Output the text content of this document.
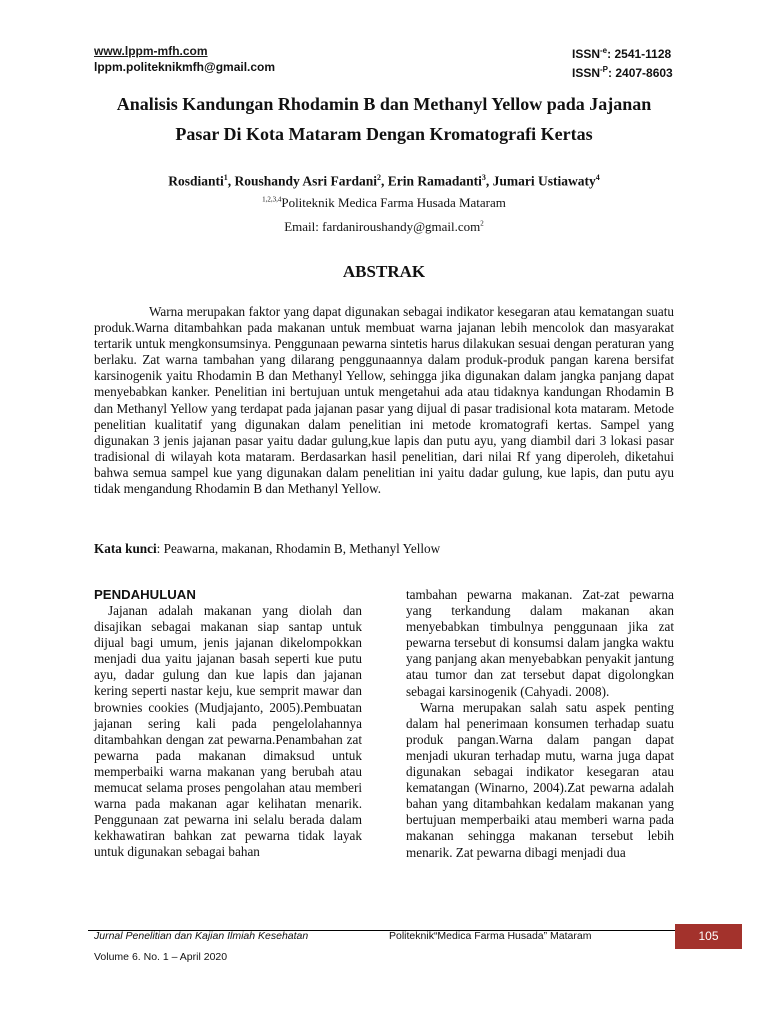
www.lppm-mfh.com
lppm.politeknikmfh@gmail.com
$ISSN^{-e}$: 2541-1128
$ISSN^{-P}$: 2407-8603
Analisis Kandungan Rhodamin B dan Methanyl Yellow pada Jajanan
Pasar Di Kota Mataram Dengan Kromatografi Kertas
Rosdianti$^1$, Roushandy Asri Fardani$^2$, Erin Ramadanti$^3$, Jumari Ustiawaty$^4$
$^{1,2,3,4}$Politeknik Medica Farma Husada Mataram
Email: fardaniroushandy@gmail.com$^2$
ABSTRAK

Warna merupakan faktor yang dapat digunakan sebagai indikator kesegaran atau kematangan suatu produk.Warna ditambahkan pada makanan untuk membuat warna jajanan lebih mencolok dan masyarakat tertarik untuk mengkonsumsinya. Penggunaan pewarna sintetis harus dilakukan sesuai dengan peraturan yang berlaku. Zat warna tambahan yang dilarang penggunaannya dalam produk-produk pangan karena bersifat karsinogenik yaitu Rhodamin B dan Methanyl Yellow, sehingga jika digunakan dalam jangka panjang dapat menyebabkan kanker. Penelitian ini bertujuan untuk mengetahui ada atau tidaknya kandungan Rhodamin B dan Methanyl Yellow yang terdapat pada jajanan pasar yang dijual di pasar tradisional kota mataram. Metode penelitian kualitatif yang digunakan dalam penelitian ini metode kromatografi kertas. Sampel yang digunakan 3 jenis jajanan pasar yaitu dadar gulung,kue lapis dan putu ayu, yang diambil dari 3 lokasi pasar tradisional di wilayah kota mataram. Berdasarkan hasil penelitian, dari nilai Rf yang diperoleh, diketahui bahwa semua sampel kue yang digunakan dalam penelitian ini yaitu dadar gulung, kue lapis, dan putu ayu tidak mengandung Rhodamin B dan Methanyl Yellow.

Kata kunci: Peawarna, makanan, Rhodamin B, Methanyl Yellow

PENDAHULUAN

Jajanan adalah makanan yang diolah dan disajikan sebagai makanan siap santap untuk dijual bagi umum, jenis jajanan dikelompokkan menjadi dua yaitu jajanan basah seperti kue putu ayu, dadar gulung dan kue lapis dan jajanan kering seperti nastar keju, kue semprit mawar dan brownies cookies (Mudjajanto, 2005).Pembuatan jajanan sering kali pada pengelolahannya ditambahkan dengan zat pewarna.Penambahan zat pewarna pada makanan dimaksud untuk memperbaiki warna makanan yang berubah atau memucat selama proses pengolahan atau memberi warna pada makanan agar kelihatan menarik. Penggunaan zat pewarna ini selalu berada dalam kekhawatiran bahkan zat pewarna tidak layak untuk digunakan sebagai bahan

tambahan pewarna makanan. Zat-zat pewarna yang terkandung dalam makanan akan menyebabkan timbulnya penggunaan jika zat pewarna tersebut di konsumsi dalam jangka waktu yang panjang akan menyebabkan penyakit jantung atau tumor dan zat tersebut dapat digolongkan sebagai karsinogenik (Cahyadi. 2008).

Warna merupakan salah satu aspek penting dalam hal penerimaan konsumen terhadap suatu produk pangan.Warna dalam pangan dapat menjadi ukuran terhadap mutu, warna juga dapat digunakan sebagai indikator kesegaran atau kematangan (Winarno, 2004).Zat pewarna adalah bahan yang ditambahkan kedalam makanan yang bertujuan memperbaiki atau memberi warna pada makanan sehingga makanan tersebut lebih menarik. Zat pewarna dibagi menjadi dua

Jurnal Penelitian dan Kajian Ilmiah Kesehatan	Politeknik“Medica Farma Husada” Mataram	105
Volume 6. No. 1 – April 2020
